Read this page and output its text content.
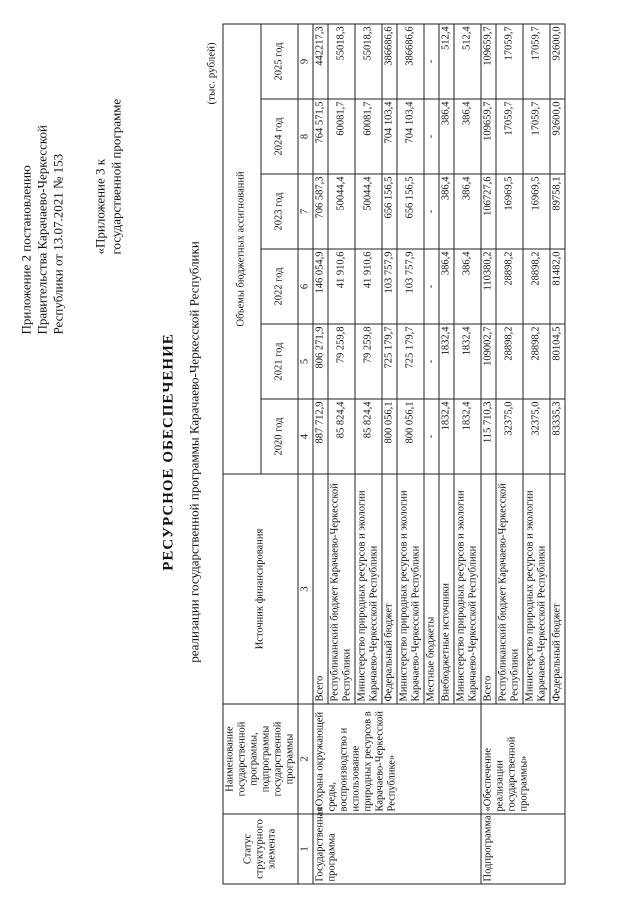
Приложение 2 постановлению Правительства Карачаево-Черкесской Республики от 13.07.2021 № 153 «Приложение 3 к государственной программе
РЕСУРСНОЕ ОБЕСПЕЧЕНИЕ реализации государственной программы Карачаево-Черкесской Республики
(тыс. рублей)
Статус структурного элемента	Наименование государственной программы, подпрограммы государственной программы	Источник финансирования	Объемы бюджетных ассигнований					
			2020 год	2021 год	2022 год	2023 год	2024 год	2025 год
1	2	3	4	5	6	7	8	9
Государственная программа	«Охрана окружающей среды, воспроизводство и использование природных ресурсов в Карачаево-Черкесской Республике»	Всего	887 712,9	806 271,9	146 054,9	706 587,3	764 571,5	442217,3
		Республиканский бюджет Карачаево-Черкесской Республики	85 824,4	79 259,8	41 910,6	50044,4	60081,7	55018,3
		Министерство природных ресурсов и экологии Карачаево-Черкесской Республики	85 824,4	79 259,8	41 910,6	50044,4	60081,7	55018,3
		Федеральный бюджет	800 056,1	725 179,7	103 757,9	656 156,5	704 103,4	386686,6
		Министерство природных ресурсов и экологии Карачаево-Черкесской Республики	800 056,1	725 179,7	103 757,9	656 156,5	704 103,4	386686,6
		Местные бюджеты	-	-	-	-	-	-
		Внебюджетные источники	1832,4	1832,4	386,4	386,4	386,4	512,4
		Министерство природных ресурсов и экологии Карачаево-Черкесской Республики	1832,4	1832,4	386,4	386,4	386,4	512,4
Подпрограмма	«Обеспечение реализации государственной программы»	Всего	115 710,3	109002,7	110380,2	106727,6	109659,7	109659,7
		Республиканский бюджет Карачаево-Черкесской Республики	32375,0	28898,2	28898,2	16969,5	17059,7	17059,7
		Министерство природных ресурсов и экологии Карачаево-Черкесской Республики	32375,0	28898,2	28898,2	16969,5	17059,7	17059,7
		Федеральный бюджет	83335,3	80104,5	81482,0	89758,1	92600,0	92600,0
